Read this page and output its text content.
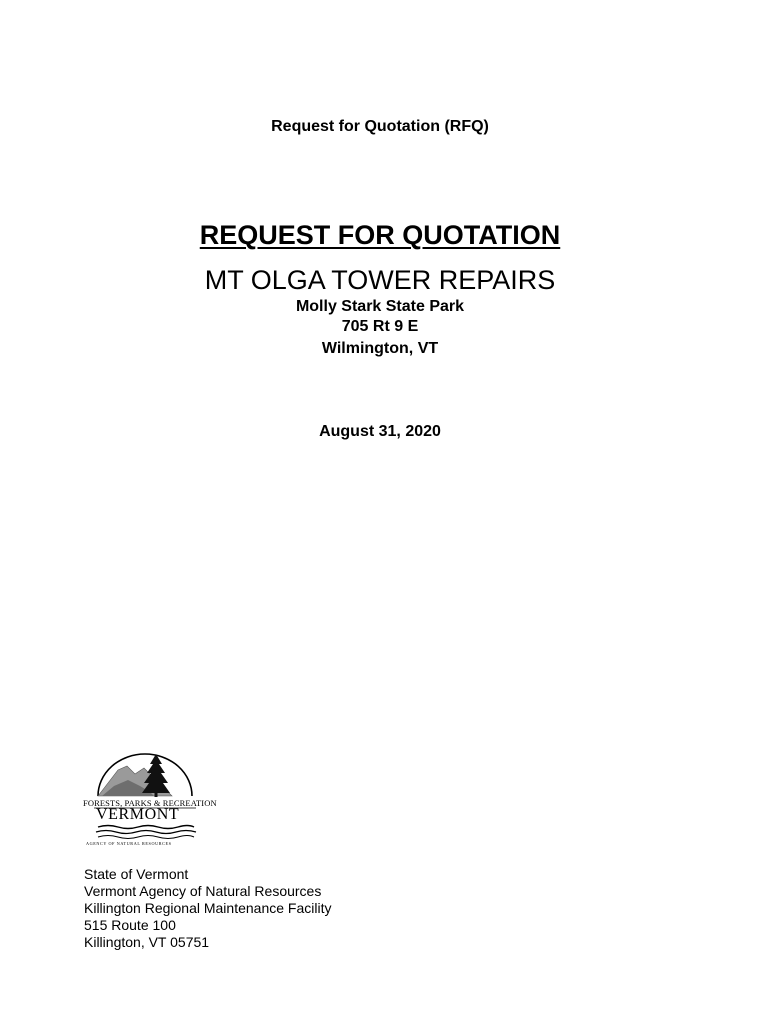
Request for Quotation (RFQ)
REQUEST FOR QUOTATION
MT OLGA TOWER REPAIRS
Molly Stark State Park
705 Rt 9 E
Wilmington, VT
August 31, 2020
FORESTS, PARKS & RECREATION
VERMONT
AGENCY OF NATURAL RESOURCES
State of Vermont
Vermont Agency of Natural Resources
Killington Regional Maintenance Facility
515 Route 100
Killington, VT 05751
